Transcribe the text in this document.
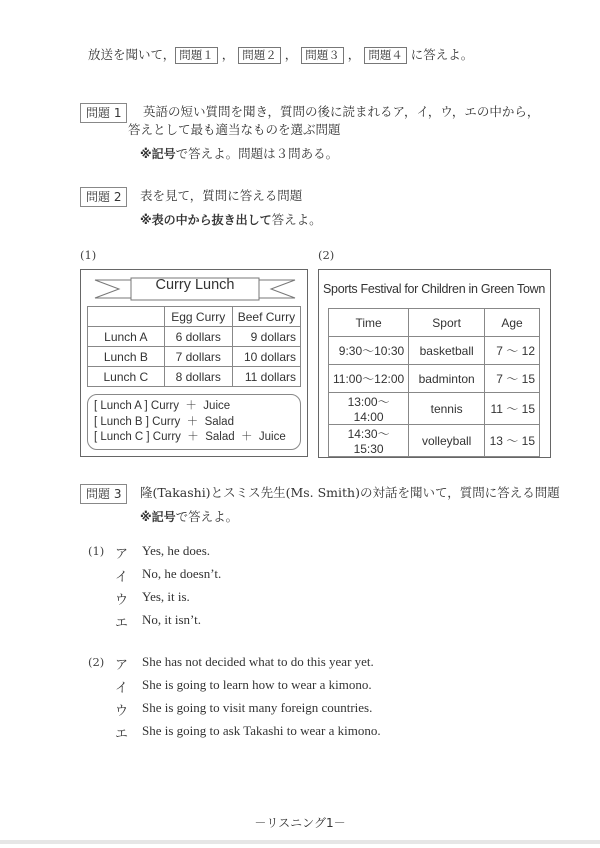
放送を聞いて， 問題１ ， 問題２ ， 問題３ ， 問題４ に答えよ。
問題 1	英語の短い質問を聞き，質問の後に読まれるア，イ，ウ，エの中から，
答えとして最も適当なものを選ぶ問題
※記号で答えよ。問題は３問ある。
問題 2	表を見て，質問に答える問題
※表の中から抜き出して答えよ。
(1)	(2)
Curry Lunch
	Egg Curry	Beef Curry
Lunch A	6 dollars	9 dollars
Lunch B	7 dollars	10 dollars
Lunch C	8 dollars	11 dollars
[ Lunch A ] Curry  ＋  Juice
[ Lunch B ] Curry  ＋  Salad
[ Lunch C ] Curry  ＋  Salad  ＋  Juice
Sports Festival for Children in Green Town
Time	Sport	Age
9:30～10:30	basketball	7 ～ 12
11:00～12:00	badminton	7 ～ 15
13:00～14:00	tennis	11 ～ 15
14:30～15:30	volleyball	13 ～ 15
問題 3	隆(Takashi)とスミス先生(Ms. Smith)の対話を聞いて，質問に答える問題
※記号で答えよ。
(1) ア	Yes, he does.
イ	No, he doesn’t.
ウ	Yes, it is.
エ	No, it isn’t.
(2) ア	She has not decided what to do this year yet.
イ	She is going to learn how to wear a kimono.
ウ	She is going to visit many foreign countries.
エ	She is going to ask Takashi to wear a kimono.
－リスニング1－
